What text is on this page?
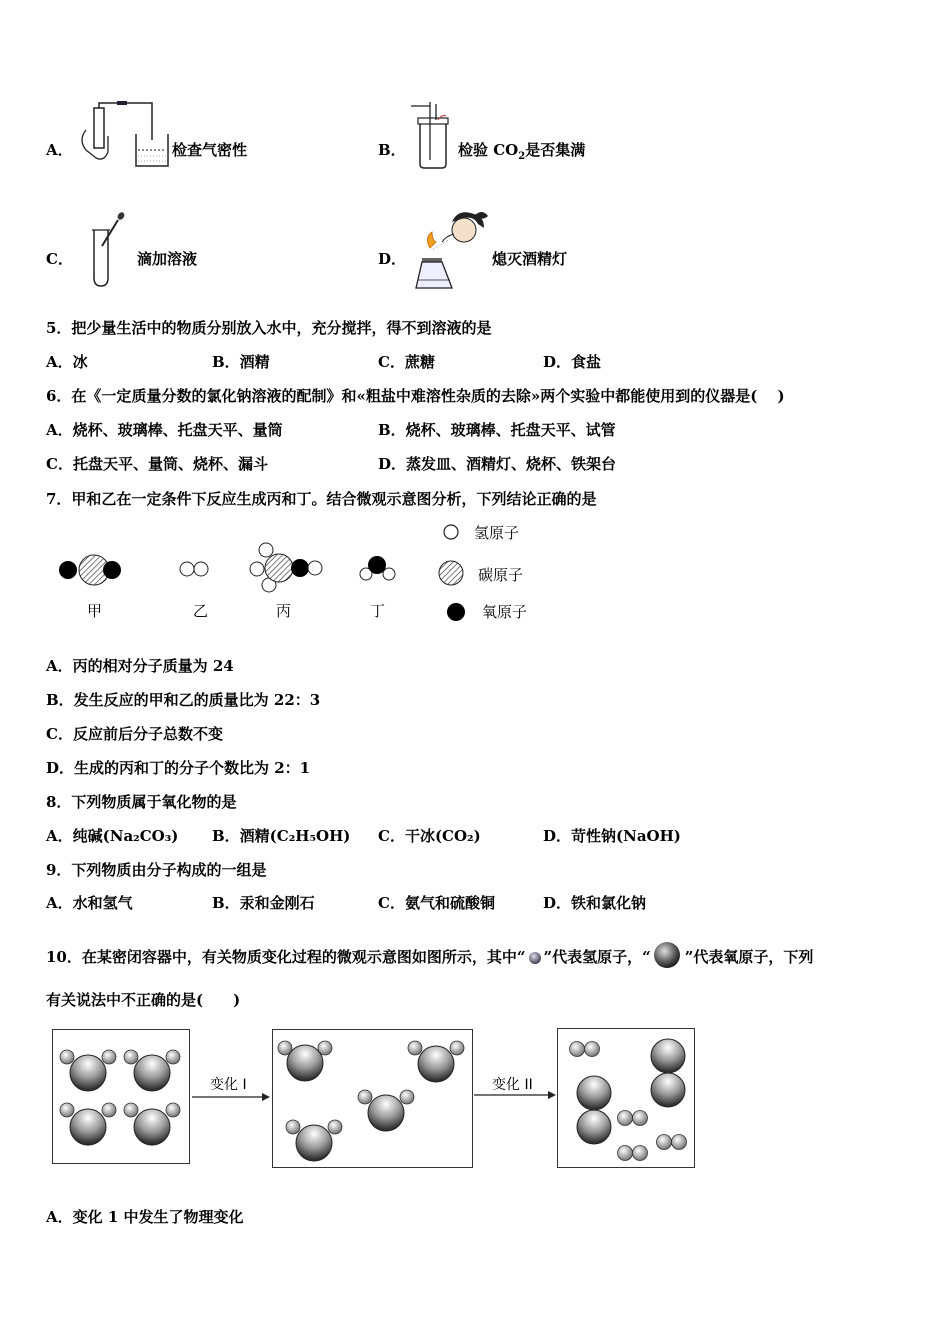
A．	检查气密性	B．	检验 $CO_2$是否集满
C．	滴加溶液	D．	熄灭酒精灯
5．把少量生活中的物质分别放入水中，充分搅拌，得不到溶液的是
A．冰	B．酒精	C．蔗糖	D．食盐
6．在《一定质量分数的氯化钠溶液的配制》和«粗盐中难溶性杂质的去除»两个实验中都能使用到的仪器是(　 )
A．烧杯、玻璃棒、托盘天平、量筒	B．烧杯、玻璃棒、托盘天平、试管
C．托盘天平、量筒、烧杯、漏斗	D．蒸发皿、酒精灯、烧杯、铁架台
7．甲和乙在一定条件下反应生成丙和丁。结合微观示意图分析，下列结论正确的是
甲	乙	丙	丁
氢原子
碳原子
氧原子
A．丙的相对分子质量为 24
B．发生反应的甲和乙的质量比为 22：3
C．反应前后分子总数不变
D．生成的丙和丁的分子个数比为 2：1
8．下列物质属于氧化物的是
A．纯碱(Na₂CO₃) B．酒精(C₂H₅OH) C．干冰(CO₂)	D．苛性钠(NaOH)
9．下列物质由分子构成的一组是
A．水和氢气	B．汞和金刚石	C．氨气和硫酸铜	D．铁和氯化钠
10．在某密闭容器中，有关物质变化过程的微观示意图如图所示，其中“ ”代表氢原子，“ ”代表氧原子，下列
有关说法中不正确的是(　　)
变化 I	变化 II
A．变化 1 中发生了物理变化
